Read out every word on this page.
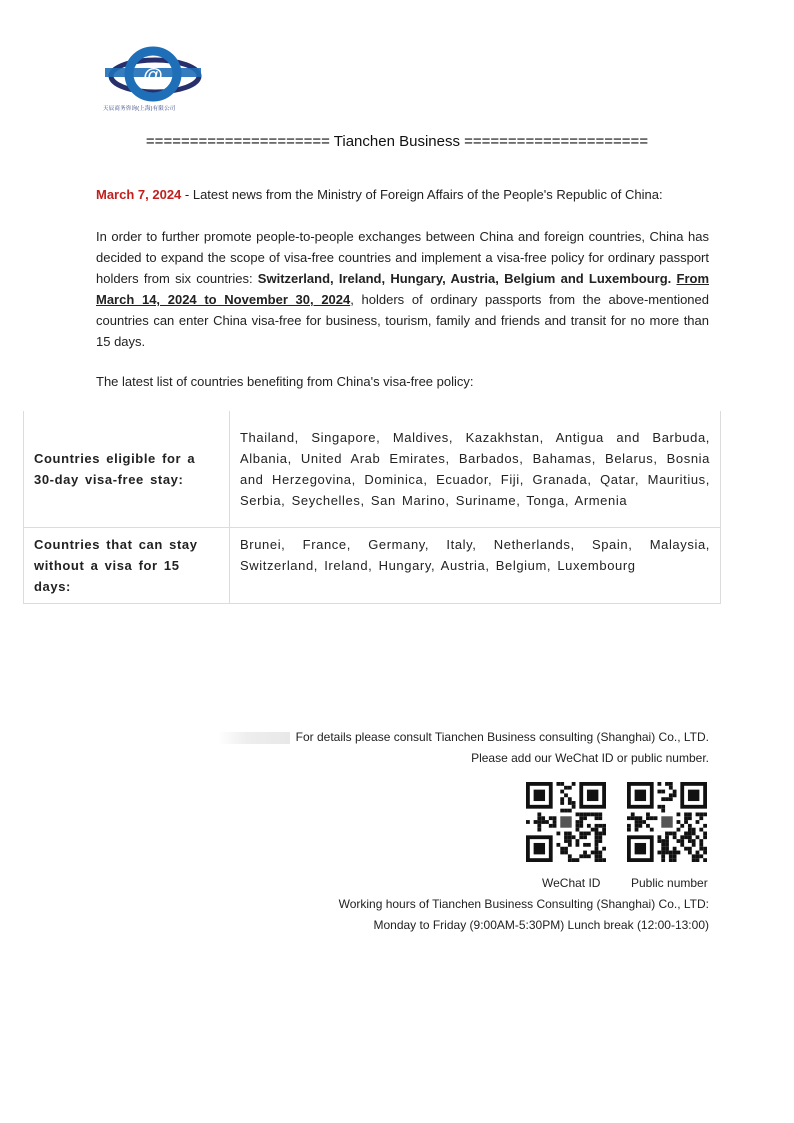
@
天辰商务咨询(上海)有限公司
===================== Tianchen Business =====================
March 7, 2024 - Latest news from the Ministry of Foreign Affairs of the People's Republic of China:
In order to further promote people-to-people exchanges between China and foreign countries, China has decided to expand the scope of visa-free countries and implement a visa-free policy for ordinary passport holders from six countries: Switzerland, Ireland, Hungary, Austria, Belgium and Luxembourg. From March 14, 2024 to November 30, 2024, holders of ordinary passports from the above-mentioned countries can enter China visa-free for business, tourism, family and friends and transit for no more than 15 days.
The latest list of countries benefiting from China's visa-free policy:
Countries eligible for a 30-day visa-free stay:	Thailand, Singapore, Maldives, Kazakhstan, Antigua and Barbuda, Albania, United Arab Emirates, Barbados, Bahamas, Belarus, Bosnia and Herzegovina, Dominica, Ecuador, Fiji, Granada, Qatar, Mauritius, Serbia, Seychelles, San Marino, Suriname, Tonga, Armenia
Countries that can stay without a visa for 15 days:	Brunei, France, Germany, Italy, Netherlands, Spain, Malaysia, Switzerland, Ireland, Hungary, Austria, Belgium, Luxembourg
For details please consult Tianchen Business consulting (Shanghai) Co., LTD.
Please add our WeChat ID or public number.
WeChat ID	Public number
Working hours of Tianchen Business Consulting (Shanghai) Co., LTD:
Monday to Friday (9:00AM-5:30PM) Lunch break (12:00-13:00)
